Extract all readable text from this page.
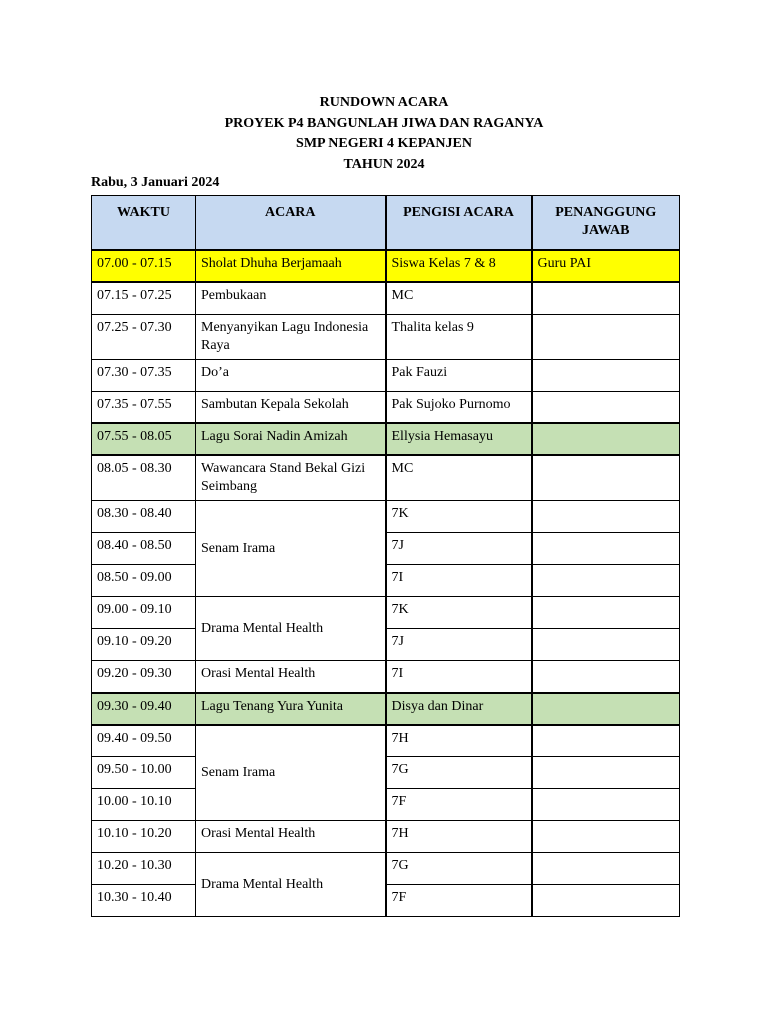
RUNDOWN ACARA
PROYEK P4 BANGUNLAH JIWA DAN RAGANYA
SMP NEGERI 4 KEPANJEN
TAHUN 2024
Rabu, 3 Januari 2024
WAKTU	ACARA	PENGISI ACARA	PENANGGUNG JAWAB
07.00 - 07.15	Sholat Dhuha Berjamaah	Siswa Kelas 7 & 8	Guru PAI
07.15 - 07.25	Pembukaan	MC	
07.25 - 07.30	Menyanyikan Lagu Indonesia Raya	Thalita kelas 9	
07.30 - 07.35	Do’a	Pak Fauzi	
07.35 - 07.55	Sambutan Kepala Sekolah	Pak Sujoko Purnomo	
07.55 - 08.05	Lagu Sorai Nadin Amizah	Ellysia Hemasayu	
08.05 - 08.30	Wawancara Stand Bekal Gizi Seimbang	MC	
08.30 - 08.40	Senam Irama	7K	
08.40 - 08.50		7J	
08.50 - 09.00		7I	
09.00 - 09.10	Drama Mental Health	7K	
09.10 - 09.20		7J	
09.20 - 09.30	Orasi Mental Health	7I	
09.30 - 09.40	Lagu Tenang Yura Yunita	Disya dan Dinar	
09.40 - 09.50	Senam Irama	7H	
09.50 - 10.00		7G	
10.00 - 10.10		7F	
10.10 - 10.20	Orasi Mental Health	7H	
10.20 - 10.30	Drama Mental Health	7G	
10.30 - 10.40		7F	
